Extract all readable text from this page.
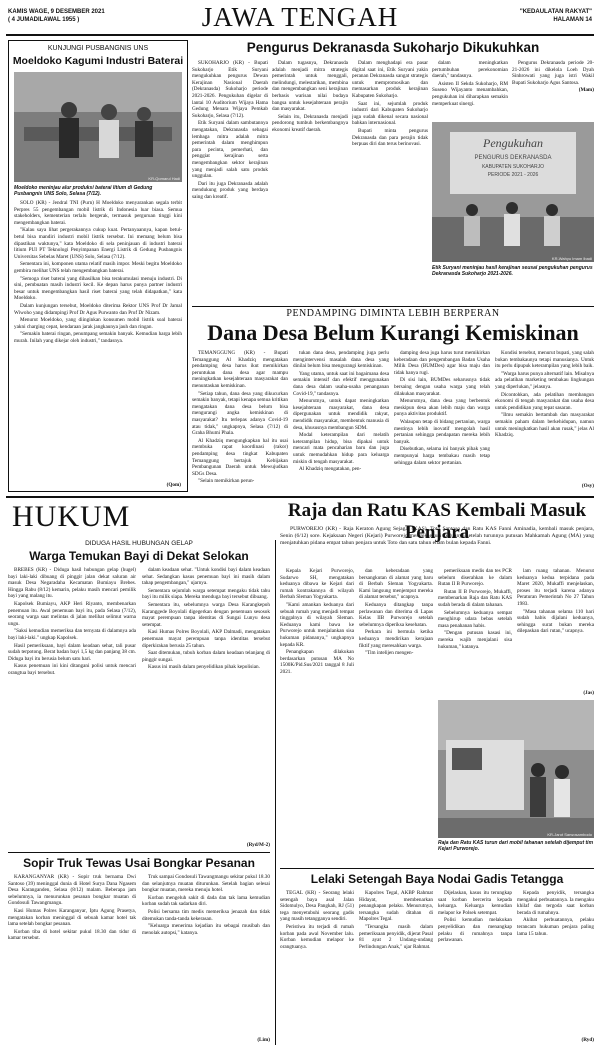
KAMIS WAGE, 9 DESEMBER 2021
( 4 JUMADILAWAL 1955 )	JAWA TENGAH	"KEDAULATAN RAKYAT"
HALAMAN 14
KUNJUNGI PUSBANGNIS UNS
Moeldoko Kagumi Industri Baterai
KR-Qomarul Hadi
Moeldoko meninjau alur produksi baterai litium di Gedung Pusbangnis UNS Solo, Selasa (7/12).

SOLO (KR) - Jendral TNI (Purn) H Moeldoko menyarankan segala terbit Perpres 55 pengembangan mobil listrik di Indonesia luar biasa. Semua stakeholders, kementerian terlalu bergerak, termasuk perguruan tinggi kini mengembangkan baterai.

"Kalau saya lihat pergerakannya cukup kuat. Pertanyaannya, kapan betul-betul bisa mandiri industri mobil listrik tersebut. Ini memang belum bisa dipastikan waktunya," kata Moeldoko di sela peninjauan di industri baterai litium PUI PT Teknologi Penyimpanan Energi Listrik di Gedung Pusbangnis Universitas Sebelas Maret (UNS) Solo, Selasa (7/12).

Sementara ini, komponen utama relatif masih impor. Meski begitu Moeldoko gembira melihat UNS telah mengembangkan baterai.

"Semoga riset baterai yang dihasilkan bisa terakumulasi menuju industri. Di sini, pembuatan masih industri kecil. Ke depan harus punya partner industri besar untuk mengembangkan hasil riset baterai yang telah didapatkan," kata Moeldoko.

Dalam kunjungan tersebut, Moeldoko diterima Rektor UNS Prof Dr Jamal Wiwoho yang didampingi Prof Dr Agus Purwanto dan Prof Dr Nizam.

Menurut Moeldoko, yang diinginkan konsumen mobil listrik soal baterai yakni charging cepat, kendaraan jarak jangkaunya jauh dan ringan.

"Semakin baterai ringan, penumpang semakin banyak. Kemudian harga lebih murah. Inilah yang dikejar oleh industri," tandasnya.

(Qom)
Pengurus Dekranasda Sukoharjo Dikukuhkan

SUKOHARJO (KR) - Bupati Sukoharjo Etik Suryani mengukuhkan pengurus Dewan Kerajinan Nasional Daerah (Dekranasda) Sukoharjo periode 2021-2026. Pengukuhan digelar di lantai 10 Auditorium Wijaya Hama Gedung Menara Wijaya Pemkab Sukoharjo, Selasa (7/12).

Etik Suryani dalam sambutannya mengatakan, Dekranasda sebagai lembaga mitra adalah mitra pemerintah dalam menghimpun para pecinta, pemerhati, dan penggiat kerajinan serta mengembangkan sektor kerajinan yang menjadi salah satu produk unggulan.

Dari itu juga Dekranasda adalah mendukung produk yang berdaya saing dan kreatif.

Dalam tugasnya, Dekranasda adalah menjadi mitra strategis pemerintah untuk menggali, melindungi, melestarikan, membina dan mengembangkan seni kerajinan berbasis warisan nilai budaya bangsa untuk kesejahteraan perajin dan masyarakat.

Selain itu, Dekranasda menjadi pendorong tumbuh berkembangnya ekonomi kreatif daerah.

Dalam menghadapi era pasar digital saat ini, Etik Suryani yakin peranan Dekranasda sangat strategis untuk mempromosikan dan memasarkan produk kerajinan Kabupaten Sukoharjo.

Saat ini, sejumlah produk industri dari Kabupaten Sukoharjo juga sudah dikenal secara nasional bahkan internasional.

Bupati minta pengurus Dekranasda dan para perajin tidak berpuas diri dan terus berinovasi.

dalam meningkatkan pertumbuhan perekonomian daerah," tandasnya.

Asisten II Sekda Sukoharjo, RM Suseno Wijayanto menambahkan, pengukuhan ini diharapkan semakin memperkuat sinergi.

Pengurus Dekranasda periode 20-21-2026 ini dikelola Loeh Dyah Sinhrowati yang juga istri Wakil Bupati Sukoharjo Agus Santosa.

(Mam)
Pengukuhan
PENGURUS DEKRANASDA
KABUPATEN SUKOHARJO
PERIODE 2021 - 2026
KR-Wahyu Imam Ibadi
Etik Suryani meninjau hasil kerajinan seusai pengukuhan pengurus Dekranasda Sukoharjo 2021-2026.
PENDAMPING DIMINTA LEBIH BERPERAN
Dana Desa Belum Kurangi Kemiskinan

TEMANGGUNG (KR) - Bupati Temanggung Al Khadziq mengatakan pendamping desa harus ikut memikirkan peruntukan dana desa agar mampu meningkatkan kesejahteraan masyarakat dan menuntaskan kemiskinan.

"Setiap tahun, dana desa yang dikucurkan semakin banyak, tetapi kenapa semua kritikan mengatakan dana desa belum bisa mengurangi angka kemiskinan di masyarakat? Itu terlepas adanya Covid-19 atau tidak," ungkapnya, Selasa (7/12) di Graha Bhumi Phala.

Al Khadziq mengungkapkan hal itu usai membuka rapat koordinasi (rakor) pendamping desa tingkat Kabupaten Temanggung bertajuk Kebijakan Pembangunan Daerah untuk Mewujudkan SDGs Desa.

"Selain memikirkan perun-

tukan dana desa, pendamping juga perlu mengintervensi masalah dana desa yang dinilai belum bisa mengurangi kemiskinan.

Yang utama, untuk saat ini bagaimana desa semakin intensif dan efektif menggunakan dana desa dalam usaha-usaha penanganan Covid-19," tandasnya.

Menurutnya, untuk dapat meningkatkan kesejahteraan masyarakat, dana desa dipergunakan untuk mendidik rakyat, mendidik masyarakat, membentuk manusia di desa, khususnya membangun SDM.

Modal keterampilan dari melatih keterampilan hidup, bisa dipakai untuk mencari mata pencaharian baru dan juga untuk memudahkan hidup para keluarga miskin di tengah masyarakat.

Al Khadziq mengatakan, pen-

damping desa juga harus turut memikirkan keberadaan dan pengembangan Badan Usaha Milik Desa (BUMDes) agar bisa maju dan tidak hanya rugi.

Di sisi lain, BUMDes seharusnya tidak bersaing dengan usaha warga yang telah dilakukan masyarakat.

Menurutnya, dana desa yang berbentuk meskipun desa akan lebih maju dan warga punya aktivitas produktif.

Walaupun tetap di bidang pertanian, warga mestinya lebih inovatif mengolah hasil pertanian sehingga pendapatan mereka lebih banyak.

Disebutkan, selama ini banyak pihak yang mempunyai harga tembakau masih tetap sehingga dalam sektor pertanian.

Kondisi tersebut, menurut bupati, yang salah bukan tembakaunya tetapi manusianya. Untuk itu perlu dipupuk keterampilan yang lebih baik.

"Warga harus punya alternatif lain. Misalnya ada pelatihan marketing tembakau lingkungan yang diperlukan," jelasnya.

Dicontohkan, ada pelatihan membangun ekonomi di tengah masyarakat dan usaha desa untuk pendidikan yang tepat sasaran.

"Ilmu semakin bertambah dan masyarakat semakin paham dalam berkehidupan, namun untuk meningkatkan hasil akan rusak," jelas Al Khadziq.

(Osy)
HUKUM
DIDUGA HASIL HUBUNGAN GELAP
Warga Temukan Bayi di Dekat Selokan

BREBES (KR) - Diduga hasil hubungan gelap (hugel) bayi laki-laki dibuang di pinggir jalan dekat saluran air masuk Desa Negaradaha Kecamatan Bumiayu Brebes. Hingga Rabu (8/12) kemarin, pelaku masih mencari pemilik bayi yang malang itu.

Kapolsek Bumiayu, AKP Heri Riyanto, membenarkan penemuan itu. Awal penemuan bayi itu, pada Selasa (7/12), seorang warga saat melintas di jalan melihat selimut warna ungu.

"Saksi kemudian memeriksa dan ternyata di dalamnya ada bayi laki-laki." ungkap Kapolsek.

Hasil pemeriksaan, bayi dalam keadaan sehat, tali pusar sudah terpotong. Berat badan bayi 1,5 kg dan panjang 38 cm. Diduga bayi itu berusia belum satu hari.

Kasus penemuan ini kini ditangani polisi untuk mencari orangtua bayi tersebut.

dalam keadaan sehat. "Untuk kondisi bayi dalam keadaan sehat. Sedangkan kasus penemuan bayi ini masih dalam tahap pengembangan," ujarnya.

Sementara sejumlah warga setempat mengaku tidak tahu bayi itu milik siapa. Mereka menduga bayi tersebut dibuang.

Sementara itu, sebelumnya warga Desa Karangkepoh Karanggede Boyolali digegerkan dengan penemuan sesosok mayat perempuan tanpa identitas di Sungai Lunyu desa setempat.

Kasi Humas Polres Boyolali, AKP Dalmadi, mengatakan penemuan mayat perempuan tanpa identitas tersebut diperkirakan berusia 25 tahun.

Saat ditemukan, tubuh korban dalam keadaan telanjang di pinggir sungai.

Kasus ini masih dalam penyelidikan pihak kepolisian.

(Ryd/M-2)
Sopir Truk Tewas Usai Bongkar Pesanan

KARANGANYAR (KR) - Sopir truk bernama Dwi Santoso (39) meninggal dunia di Hotel Surya Dana Ngasem Desa Karanganden, Selasa (8/12) malam. Beberapa jam sebelumnya, ia menurunkan pesanan bongkar muatan di Gondosuli Tawangmangu.

Kasi Humas Polres Karanganyar, Iptu Agung Prasetya, mengatakan korban meninggal di sebuah kamar hotel tak lama setelah bongkar pesanan.

Korban tiba di hotel sekitar pukul 18.30 dan tidur di kamar tersebut.

Truk sampai Gondosuli Tawangmangu sekitar pukul 18.30 dan selanjutnya muatan diturunkan. Setelah bagian selesai bongkar muatan, mereka menuju hotel.

Korban mengeluh sakit di dada dan tak lama kemudian korban sudah tak sadarkan diri.

Polisi bersama tim medis memeriksa jenazah dan tidak ditemukan tanda-tanda kekerasan.

"Keluarga menerima kejadian itu sebagai musibah dan menolak autopsi," katanya.

(Lim)
Raja dan Ratu KAS Kembali Masuk Penjara

PURWOREJO (KR) - Raja Keraton Agung Sejagat (KAS), Toto Santoso dan Ratu KAS Fanni Aminadia, kembali masuk penjara, Senin (6/12) sore. Kejaksaan Negeri (Kejari) Purworejo mengeksekusi keduanya setelah turunnya putusan Mahkamah Agung (MA) yang menjatuhkan pidana empat tahun penjara untuk Toto dan satu tahun enam bulan kepada Fanni.

Kepala Kejari Purworejo, Sudarwo SH, mengatakan keduanya dibawa ke Kejari dari rumah kontrakannya di wilayah Berbah Sleman Yogyakarta.

"Kami amankan keduanya dari sebuah rumah yang menjadi tempat tinggalnya di wilayah Sleman. Keduanya kami bawa ke Purworejo untuk menjalankan sisa hukuman pidananya," ungkapnya kepada KR.

Penangkapan dilakukan berdasarkan putusan MA No 1500K/Pid.Sus/2021 tanggal 8 Juli 2021.

dan keberadaan yang bersangkutan di alamat yang baru di Berbah Sleman Yogyakarta. Kami langsung menjemput mereka di alamat tersebut," ucapnya.

Keduanya ditangkap tanpa perlawanan dan diterima di Lapas Kelas IIB Purworejo setelah sebelumnya diperiksa kesehatan.

Perkara ini bermula ketika keduanya mendirikan kerajaan fiktif yang meresahkan warga.

"Tim intelijen mengen-

pemeriksaan medis dan tes PCR sebelum diserahkan ke dalam Rutan II B Purworejo.

Rutan II B Purworejo, Mukaffi, membenarkan Raja dan Ratu KAS sudah berada di dalam tahanan.

Sebelumnya keduanya sempat menghirup udara bebas setelah masa penahanan habis.

"Dengan putusan kasasi ini, mereka wajib menjalani sisa hukuman," katanya.

lam ruang tahanan. Menurut keduanya kedua terpidana pada Maret 2020, Mukaffi menjelaskan, proses itu terjadi karena adanya Peraturan Pemerintah No 27 Tahun 1983.

"Masa tahanan selama 110 hari sudah habis dijalani keduanya, sehingga surat bukan mereka dilepaskan dari rutan," ucapnya.

(Jas)
KR-Jarot Sarwosambodo
Raja dan Ratu KAS turun dari mobil tahanan setelah dijemput tim Kejari Purworejo.
Lelaki Setengah Baya Nodai Gadis Tetangga

TEGAL (KR) - Seorang lelaki setengah baya asal Jalan Sidomulyo, Desa Pangkah, RJ (51) tega menyetubuhi seorang gadis yang masih tetangganya sendiri.

Peristiwa itu terjadi di rumah korban pada awal November lalu. Korban kemudian melapor ke orangtuanya.

Kapolres Tegal, AKBP Rahmat Hidayat, membenarkan penangkapan pelaku. Menurutnya, tersangka sudah ditahan di Mapolres Tegal.

"Tersangka masih dalam pemeriksaan penyidik, dijerat Pasal 81 ayat 2 Undang-undang Perlindungan Anak," ujar Rahmat.

Dijelaskan, kasus itu terungkap saat korban bercerita kepada keluarga. Keluarga kemudian melapor ke Polsek setempat.

Polisi kemudian melakukan penyelidikan dan menangkap pelaku di rumahnya tanpa perlawanan.

Kepada penyidik, tersangka mengakui perbuatannya. Ia mengaku khilaf dan tergoda saat korban berada di rumahnya.

Akibat perbuatannya, pelaku terancam hukuman penjara paling lama 15 tahun.

(Ryd)
